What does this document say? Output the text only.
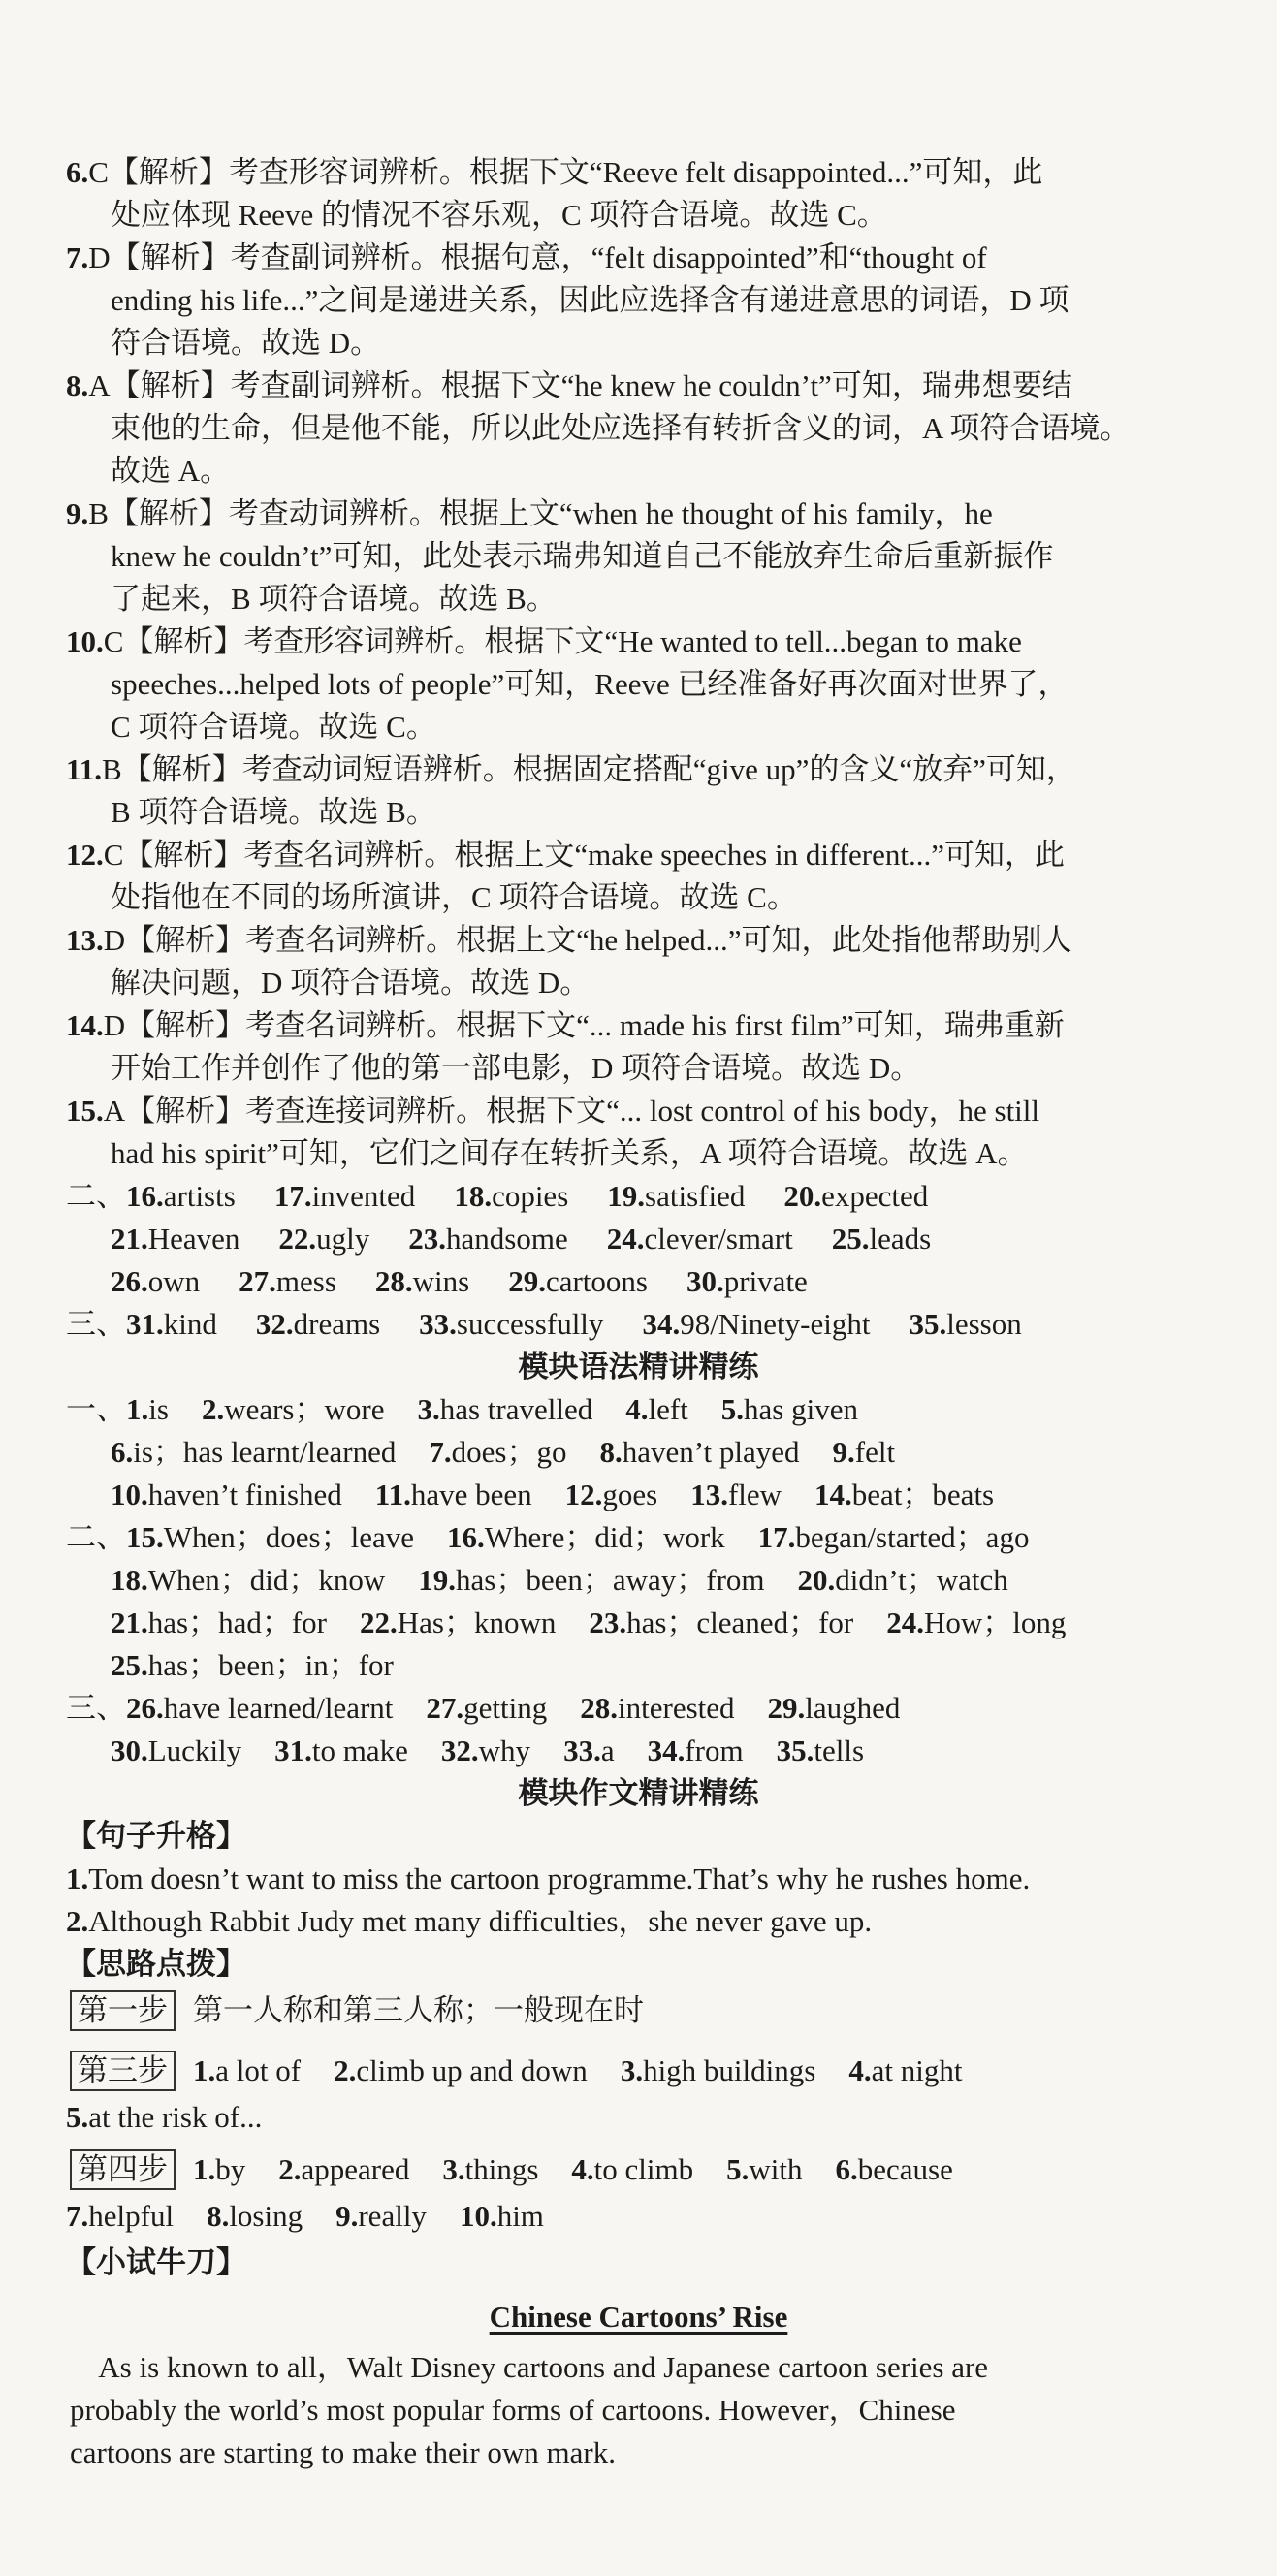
6.C【解析】考查形容词辨析。根据下文“Reeve felt disappointed...”可知，此
处应体现 Reeve 的情况不容乐观，C 项符合语境。故选 C。
7.D【解析】考查副词辨析。根据句意，“felt disappointed”和“thought of
ending his life...”之间是递进关系，因此应选择含有递进意思的词语，D 项
符合语境。故选 D。
8.A【解析】考查副词辨析。根据下文“he knew he couldn’t”可知，瑞弗想要结
束他的生命，但是他不能，所以此处应选择有转折含义的词，A 项符合语境。
故选 A。
9.B【解析】考查动词辨析。根据上文“when he thought of his family，he
knew he couldn’t”可知，此处表示瑞弗知道自己不能放弃生命后重新振作
了起来，B 项符合语境。故选 B。
10.C【解析】考查形容词辨析。根据下文“He wanted to tell...began to make
speeches...helped lots of people”可知，Reeve 已经准备好再次面对世界了，
C 项符合语境。故选 C。
11.B【解析】考查动词短语辨析。根据固定搭配“give up”的含义“放弃”可知，
B 项符合语境。故选 B。
12.C【解析】考查名词辨析。根据上文“make speeches in different...”可知，此
处指他在不同的场所演讲，C 项符合语境。故选 C。
13.D【解析】考查名词辨析。根据上文“he helped...”可知，此处指他帮助别人
解决问题，D 项符合语境。故选 D。
14.D【解析】考查名词辨析。根据下文“... made his first film”可知，瑞弗重新
开始工作并创作了他的第一部电影，D 项符合语境。故选 D。
15.A【解析】考查连接词辨析。根据下文“... lost control of his body，he still
had his spirit”可知，它们之间存在转折关系，A 项符合语境。故选 A。
二、16.artists 17.invented 18.copies 19.satisfied 20.expected
21.Heaven 22.ugly 23.handsome 24.clever/smart 25.leads
26.own 27.mess 28.wins 29.cartoons 30.private
三、31.kind 32.dreams 33.successfully 34.98/Ninety-eight 35.lesson
模块语法精讲精练
一、1.is 2.wears；wore 3.has travelled 4.left 5.has given
6.is；has learnt/learned 7.does；go 8.haven’t played 9.felt
10.haven’t finished 11.have been 12.goes 13.flew 14.beat；beats
二、15.When；does；leave 16.Where；did；work 17.began/started；ago
18.When；did；know 19.has；been；away；from 20.didn’t；watch
21.has；had；for 22.Has；known 23.has；cleaned；for 24.How；long
25.has；been；in；for
三、26.have learned/learnt 27.getting 28.interested 29.laughed
30.Luckily 31.to make 32.why 33.a 34.from 35.tells
模块作文精讲精练
【句子升格】
1.Tom doesn’t want to miss the cartoon programme.That’s why he rushes home.
2.Although Rabbit Judy met many difficulties，she never gave up.
【思路点拨】
第一步 第一人称和第三人称；一般现在时
第三步 1.a lot of 2.climb up and down 3.high buildings 4.at night
5.at the risk of...
第四步 1.by 2.appeared 3.things 4.to climb 5.with 6.because
7.helpful 8.losing 9.really 10.him
【小试牛刀】
Chinese Cartoons’ Rise
As is known to all，Walt Disney cartoons and Japanese cartoon series are
probably the world’s most popular forms of cartoons. However，Chinese
cartoons are starting to make their own mark.
